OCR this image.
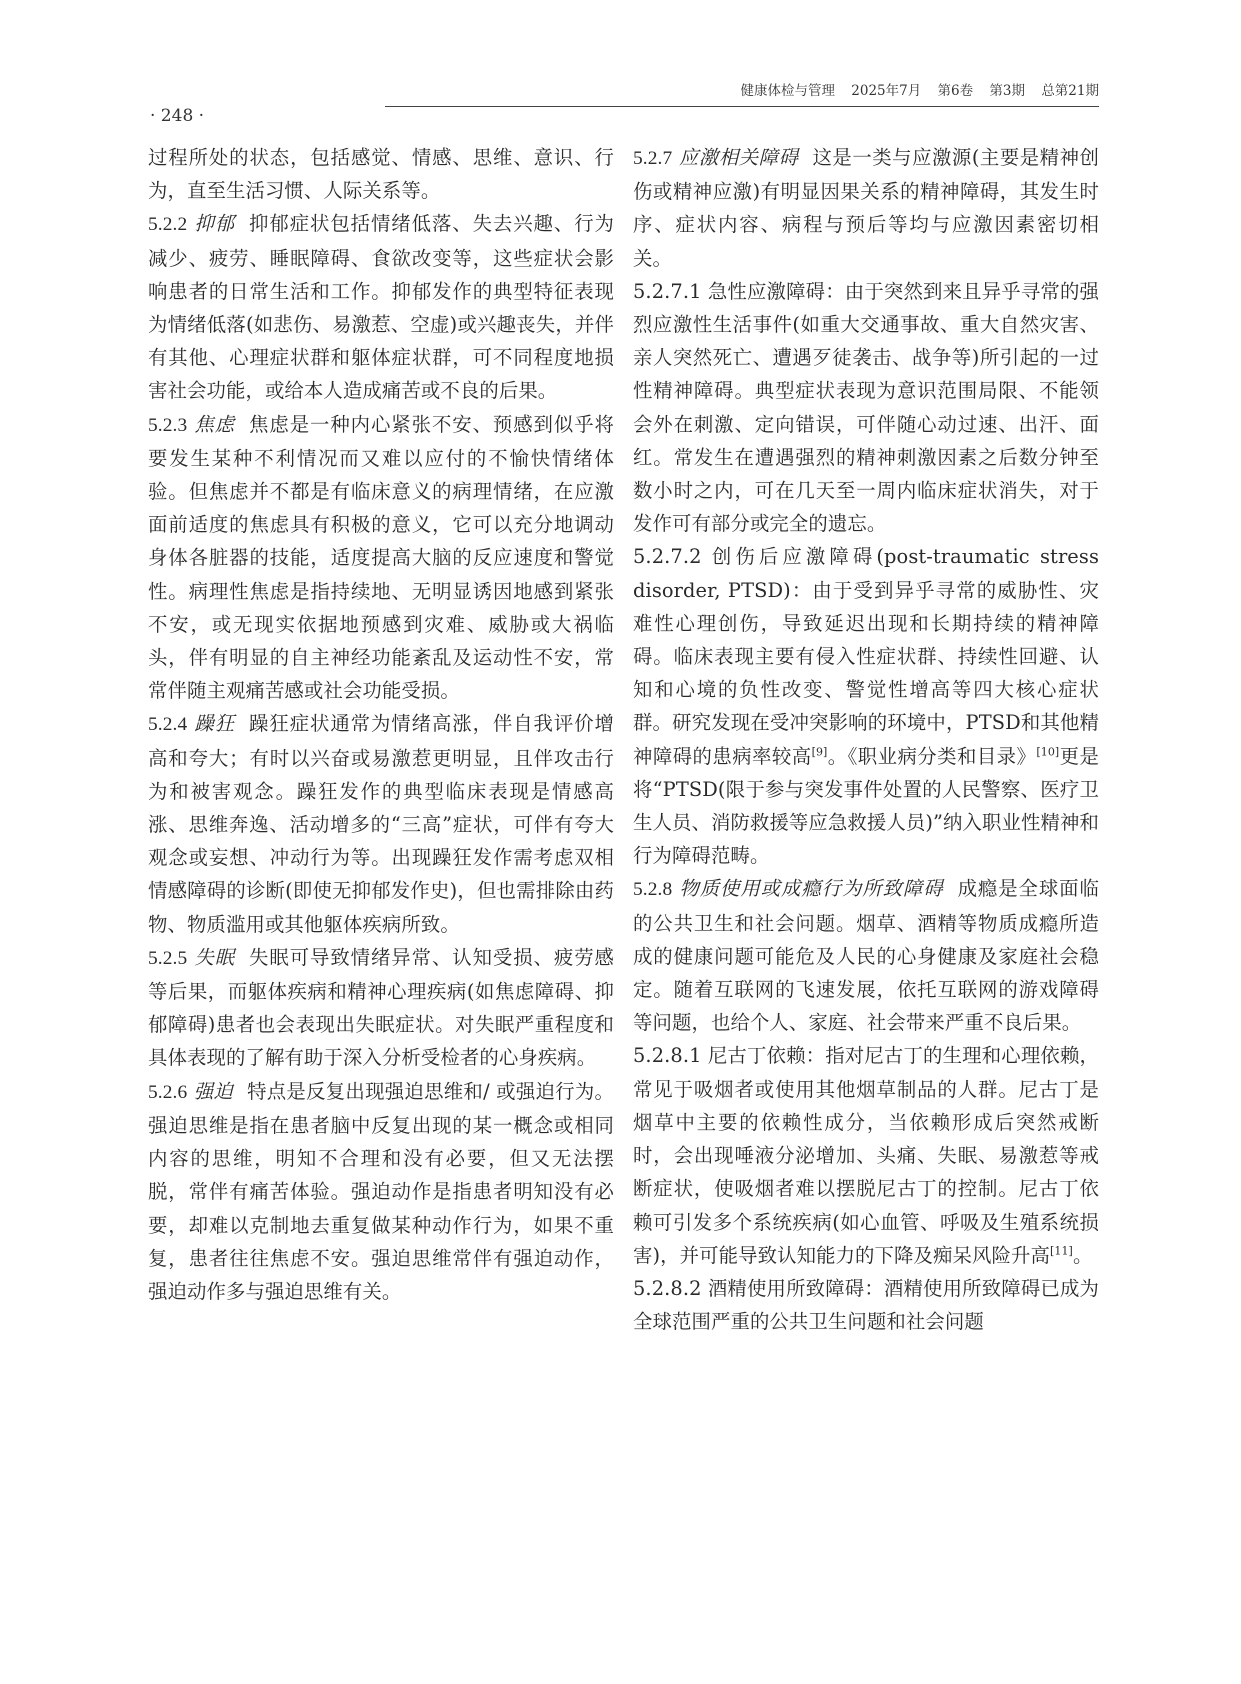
健康体检与管理 2025年7月 第6卷 第3期 总第21期
· 248 ·

过程所处的状态，包括感觉、情感、思维、意识、行为，直至生活习惯、人际关系等。

5.2.2 抑郁 抑郁症状包括情绪低落、失去兴趣、行为减少、疲劳、睡眠障碍、食欲改变等，这些症状会影响患者的日常生活和工作。抑郁发作的典型特征表现为情绪低落(如悲伤、易激惹、空虚)或兴趣丧失，并伴有其他、心理症状群和躯体症状群，可不同程度地损害社会功能，或给本人造成痛苦或不良的后果。

5.2.3 焦虑 焦虑是一种内心紧张不安、预感到似乎将要发生某种不利情况而又难以应付的不愉快情绪体验。但焦虑并不都是有临床意义的病理情绪，在应激面前适度的焦虑具有积极的意义，它可以充分地调动身体各脏器的技能，适度提高大脑的反应速度和警觉性。病理性焦虑是指持续地、无明显诱因地感到紧张不安，或无现实依据地预感到灾难、威胁或大祸临头，伴有明显的自主神经功能紊乱及运动性不安，常常伴随主观痛苦感或社会功能受损。

5.2.4 躁狂 躁狂症状通常为情绪高涨，伴自我评价增高和夸大；有时以兴奋或易激惹更明显，且伴攻击行为和被害观念。躁狂发作的典型临床表现是情感高涨、思维奔逸、活动增多的“三高”症状，可伴有夸大观念或妄想、冲动行为等。出现躁狂发作需考虑双相情感障碍的诊断(即使无抑郁发作史)，但也需排除由药物、物质滥用或其他躯体疾病所致。

5.2.5 失眠 失眠可导致情绪异常、认知受损、疲劳感等后果，而躯体疾病和精神心理疾病(如焦虑障碍、抑郁障碍)患者也会表现出失眠症状。对失眠严重程度和具体表现的了解有助于深入分析受检者的心身疾病。

5.2.6 强迫 特点是反复出现强迫思维和/ 或强迫行为。强迫思维是指在患者脑中反复出现的某一概念或相同内容的思维，明知不合理和没有必要，但又无法摆脱，常伴有痛苦体验。强迫动作是指患者明知没有必要，却难以克制地去重复做某种动作行为，如果不重复，患者往往焦虑不安。强迫思维常伴有强迫动作，强迫动作多与强迫思维有关。

5.2.7 应激相关障碍 这是一类与应激源(主要是精神创伤或精神应激)有明显因果关系的精神障碍，其发生时序、症状内容、病程与预后等均与应激因素密切相关。

5.2.7.1 急性应激障碍：由于突然到来且异乎寻常的强烈应激性生活事件(如重大交通事故、重大自然灾害、亲人突然死亡、遭遇歹徒袭击、战争等)所引起的一过性精神障碍。典型症状表现为意识范围局限、不能领会外在刺激、定向错误，可伴随心动过速、出汗、面红。常发生在遭遇强烈的精神刺激因素之后数分钟至数小时之内，可在几天至一周内临床症状消失，对于发作可有部分或完全的遗忘。

5.2.7.2 创伤后应激障碍(post-traumatic stress disorder, PTSD)：由于受到异乎寻常的威胁性、灾难性心理创伤，导致延迟出现和长期持续的精神障碍。临床表现主要有侵入性症状群、持续性回避、认知和心境的负性改变、警觉性增高等四大核心症状群。研究发现在受冲突影响的环境中，PTSD和其他精神障碍的患病率较高[9]。《职业病分类和目录》[10]更是将“PTSD(限于参与突发事件处置的人民警察、医疗卫生人员、消防救援等应急救援人员)”纳入职业性精神和行为障碍范畴。

5.2.8 物质使用或成瘾行为所致障碍 成瘾是全球面临的公共卫生和社会问题。烟草、酒精等物质成瘾所造成的健康问题可能危及人民的心身健康及家庭社会稳定。随着互联网的飞速发展，依托互联网的游戏障碍等问题，也给个人、家庭、社会带来严重不良后果。

5.2.8.1 尼古丁依赖：指对尼古丁的生理和心理依赖，常见于吸烟者或使用其他烟草制品的人群。尼古丁是烟草中主要的依赖性成分，当依赖形成后突然戒断时，会出现唾液分泌增加、头痛、失眠、易激惹等戒断症状，使吸烟者难以摆脱尼古丁的控制。尼古丁依赖可引发多个系统疾病(如心血管、呼吸及生殖系统损害)，并可能导致认知能力的下降及痴呆风险升高[11]。

5.2.8.2 酒精使用所致障碍：酒精使用所致障碍已成为全球范围严重的公共卫生问题和社会问题
